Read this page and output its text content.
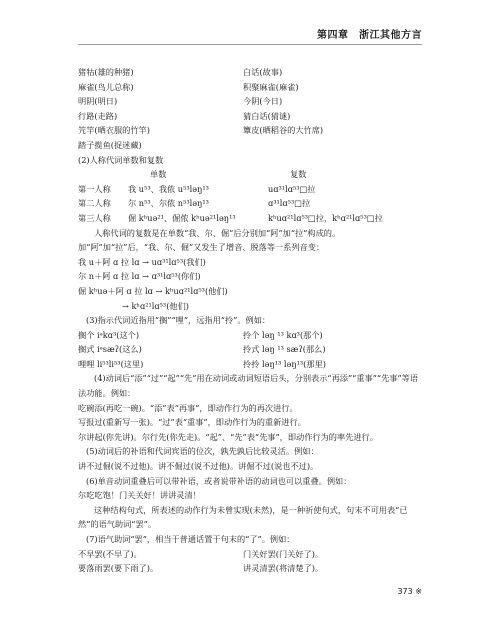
第四章　浙江其他方言
猪牯(雄的种猪)	白话(故事)
麻雀(鸟儿总称)	积聚麻雀(麻雀)
明阴(明日)	今阴(今日)
行路(走路)	猜白话(猜谜)
笐竿(晒衣服的竹竿)	簟皮(晒稻谷的大竹席)
踏子揽鱼(捉迷藏)
(2)人称代词单数和复数
单数	复数
第一人称	我 u⁵³、我侬 u⁵³ləŋ¹³	uɑ³¹lɑ⁵³□拉
第二人称	尔 n⁵³、尔侬 n⁵³ləŋ¹³	ɑ³¹lɑ⁵³□拉
第三人称	倔 kʰuə²¹、倔侬 kʰuə²¹ləŋ¹³	kʰuɑ²¹lɑ⁵³□拉，kʰɑ²¹lɑ⁵³□拉
人称代词的复数是在单数“我、尔、倔”后分别加“阿”加“拉”构成的。加“阿”加“拉”后，“我、尔、倔”又发生了增音、脱落等一系列音变：
我 u＋阿 ɑ 拉 lɑ → uɑ³¹lɑ⁵³(我们)
尔 n＋阿 ɑ 拉 lɑ → ɑ³¹lɑ⁵³(你们)
倔 kʰuə＋阿 ɑ 拉 lɑ → kʰuɑ²¹lɑ⁵³(他们)
→ kʰɑ²¹lɑ⁵³(他们)
(3)指示代词近指用“搁”“哩”，远指用“拎”。例如：
搁个 iᵊkɑ³(这个)	拎个 ləŋ ¹³ kɑ³(那个)
搁式 iᵊsæʔ(这么)	拎式 ləŋ ¹³ sæʔ(那么)
哩哩 li⁵³li⁵³(这里)	拎拎 ləŋ¹³ ləŋ¹³(那里)
(4)动词后“添”“过”“起”“先”用在动词或动词短语后头，分别表示“再添”“重事”“先事”等语法功能。例如：
吃碗添(再吃一碗)。“添”表“再事”，即动作行为的再次进行。
写报过(重新写一张)。“过”表“重事”，即动作行为的重新进行。
尔讲起(你先讲)。尔行先(你先走)。“起”、“先”表“先事”，即动作行为的率先进行。
(5)动词后的补语和代词宾语的位次，孰先孰后比较灵活。例如：
讲不过倔(说不过他)。讲不倔过(说不过他)。讲倔不过(说也不过)。
(6)单音动词重叠后可以带补语，或者说带补语的动词也可以重叠。例如：
尔吃吃饱！门关关好！讲讲灵清！
这种结构句式，所表述的动作行为未曾实现(未然)，是一种祈使句式，句末不可用表“已然”的语气助词“罢”。
(7)语气助词“罢”，相当于普通话置于句末的“了”。例如：
不早罢(不早了)。	门关好罢(门关好了)。
要落雨罢(要下雨了)。	讲灵清罢(将清楚了)。
373 ※
